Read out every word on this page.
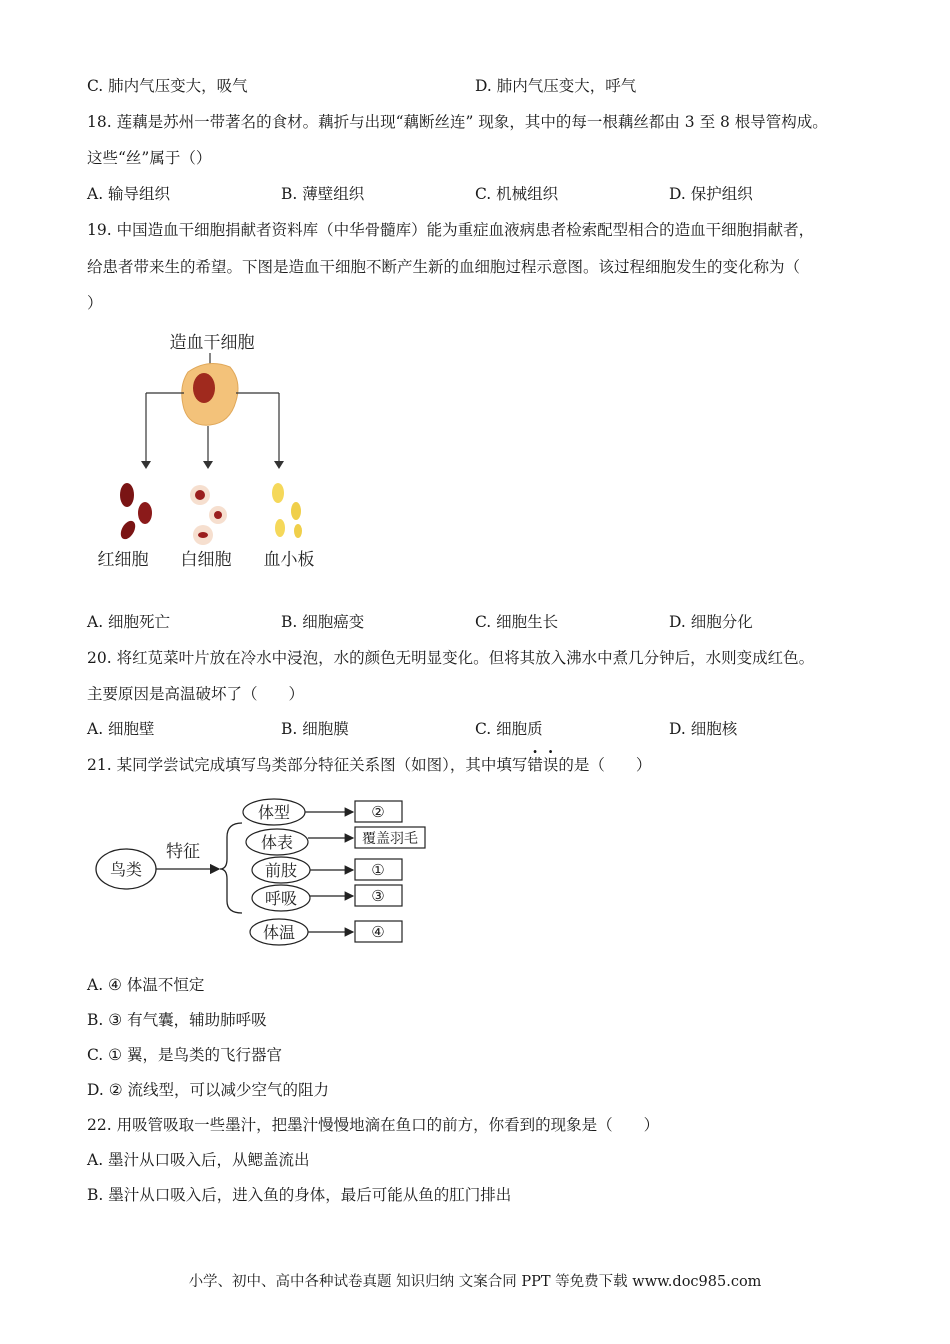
C. 肺内气压变大，吸气	D. 肺内气压变大，呼气
18. 莲藕是苏州一带著名的食材。藕折与出现“藕断丝连” 现象，其中的每一根藕丝都由 3 至 8 根导管构成。
这些“丝”属于（）
A. 输导组织	B. 薄壁组织	C. 机械组织	D. 保护组织
19. 中国造血干细胞捐献者资料库（中华骨髓库）能为重症血液病患者检索配型相合的造血干细胞捐献者，
给患者带来生的希望。下图是造血干细胞不断产生新的血细胞过程示意图。该过程细胞发生的变化称为（
）
造血干细胞
红细胞 白细胞 血小板
A. 细胞死亡	B. 细胞癌变	C. 细胞生长	D. 细胞分化
20. 将红苋菜叶片放在冷水中浸泡，水的颜色无明显变化。但将其放入沸水中煮几分钟后，水则变成红色。
主要原因是高温破坏了（　　）
A. 细胞壁	B. 细胞膜	C. 细胞质	D. 细胞核
21. 某同学尝试完成填写鸟类部分特征关系图（如图），其中填写错误的是（　　）
鸟类
特征
体型
体表
前肢
呼吸
体温
②
覆盖羽毛
①
③
④
A. ④ 体温不恒定
B. ③ 有气囊，辅助肺呼吸
C. ① 翼，是鸟类的飞行器官
D. ② 流线型，可以减少空气的阻力
22. 用吸管吸取一些墨汁，把墨汁慢慢地滴在鱼口的前方，你看到的现象是（　　）
A. 墨汁从口吸入后，从鳃盖流出
B. 墨汁从口吸入后，进入鱼的身体，最后可能从鱼的肛门排出
小学、初中、高中各种试卷真题 知识归纳 文案合同 PPT 等免费下载 www.doc985.com
